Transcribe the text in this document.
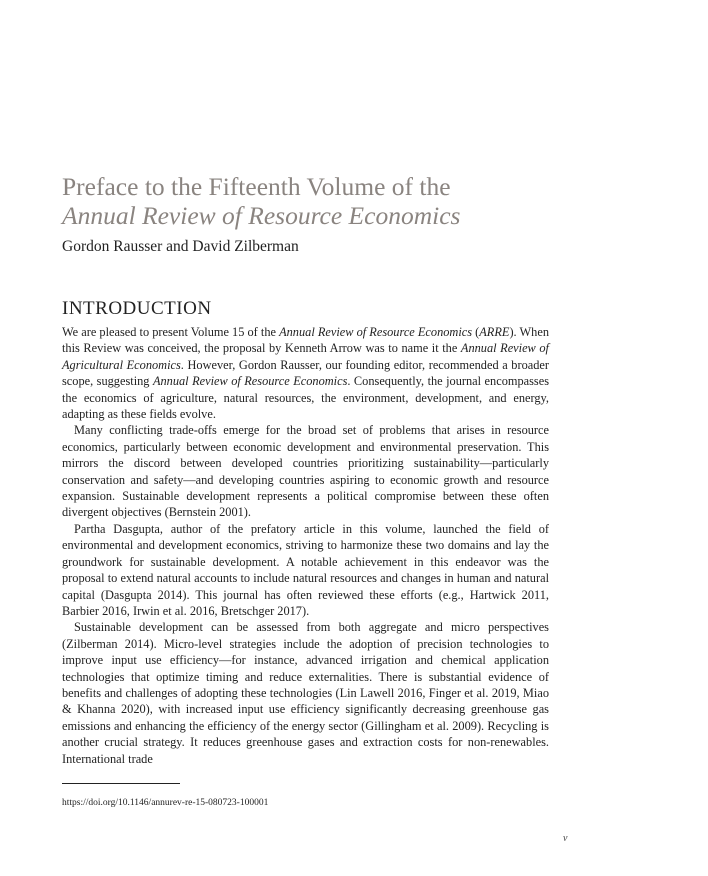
Preface to the Fifteenth Volume of the
Annual Review of Resource Economics
Gordon Rausser and David Zilberman
INTRODUCTION

We are pleased to present Volume 15 of the Annual Review of Resource Economics (ARRE). When this Review was conceived, the proposal by Kenneth Arrow was to name it the Annual Review of Agricultural Economics. However, Gordon Rausser, our founding editor, recommended a broader scope, suggesting Annual Review of Resource Economics. Consequently, the journal encompasses the economics of agriculture, natural resources, the environment, development, and energy, adapting as these fields evolve.

Many conflicting trade-offs emerge for the broad set of problems that arises in resource economics, particularly between economic development and environmental preservation. This mirrors the discord between developed countries prioritizing sustainability—particularly conservation and safety—and developing countries aspiring to economic growth and resource expansion. Sustainable development represents a political compromise between these often divergent objectives (Bernstein 2001).

Partha Dasgupta, author of the prefatory article in this volume, launched the field of environmental and development economics, striving to harmonize these two domains and lay the groundwork for sustainable development. A notable achievement in this endeavor was the proposal to extend natural accounts to include natural resources and changes in human and natural capital (Dasgupta 2014). This journal has often reviewed these efforts (e.g., Hartwick 2011, Barbier 2016, Irwin et al. 2016, Bretschger 2017).

Sustainable development can be assessed from both aggregate and micro perspectives (Zilberman 2014). Micro-level strategies include the adoption of precision technologies to improve input use efficiency—for instance, advanced irrigation and chemical application technologies that optimize timing and reduce externalities. There is substantial evidence of benefits and challenges of adopting these technologies (Lin Lawell 2016, Finger et al. 2019, Miao & Khanna 2020), with increased input use efficiency significantly decreasing greenhouse gas emissions and enhancing the efficiency of the energy sector (Gillingham et al. 2009). Recycling is another crucial strategy. It reduces greenhouse gases and extraction costs for non-renewables. International trade

https://doi.org/10.1146/annurev-re-15-080723-100001
v
